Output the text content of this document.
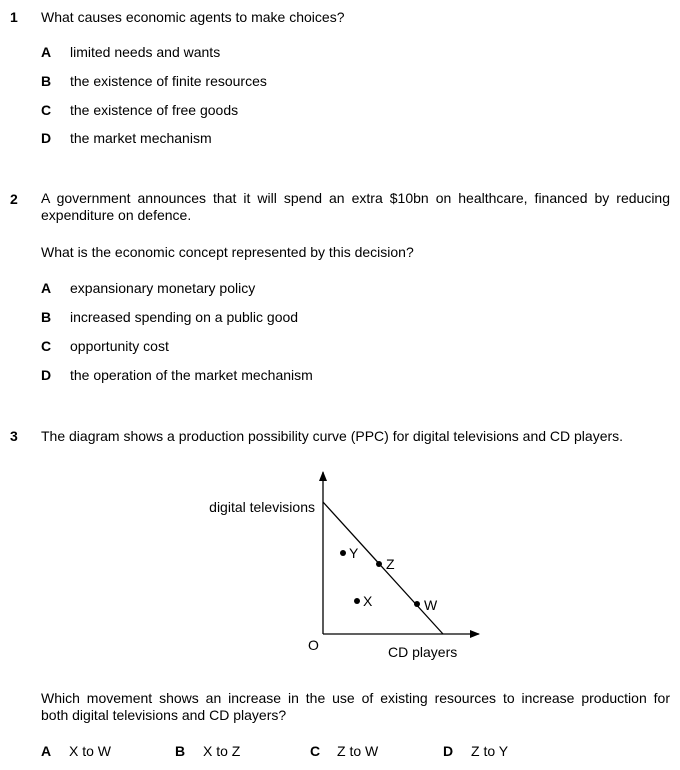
1 What causes economic agents to make choices?
A limited needs and wants
B the existence of finite resources
C the existence of free goods
D the market mechanism
2 A government announces that it will spend an extra $10bn on healthcare, financed by reducing
expenditure on defence.
What is the economic concept represented by this decision?
A expansionary monetary policy
B increased spending on a public good
C opportunity cost
D the operation of the market mechanism
3 The diagram shows a production possibility curve (PPC) for digital televisions and CD players.
Y
Z
X	W
digital televisions
CD players
O
Which movement shows an increase in the use of existing resources to increase production for
both digital televisions and CD players?
A X to W	B X to Z	C Z to W	D Z to Y
